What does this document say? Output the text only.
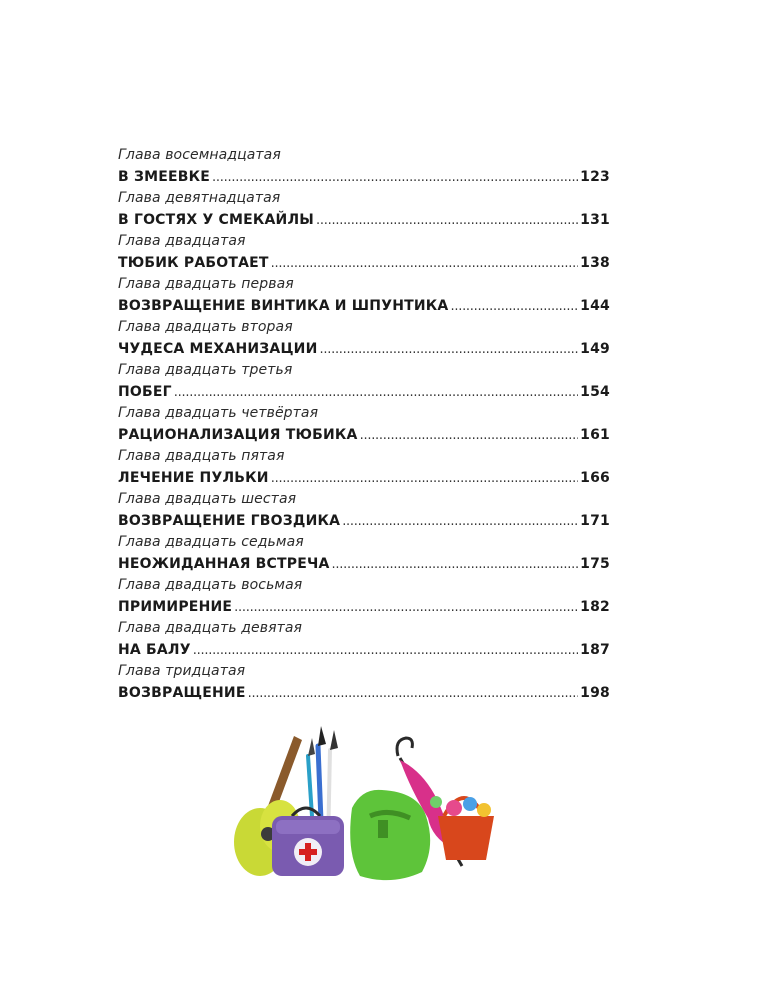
Глава восемнадцатая
В ЗМЕЕВКЕ . . .	123
Глава девятнадцатая
В ГОСТЯХ У СМЕКАЙЛЫ . . .	131
Глава двадцатая
ТЮБИК РАБОТАЕТ . . .	138
Глава двадцать первая
ВОЗВРАЩЕНИЕ ВИНТИКА И ШПУНТИКА . . .	144
Глава двадцать вторая
ЧУДЕСА МЕХАНИЗАЦИИ . . .	149
Глава двадцать третья
ПОБЕГ . . .	154
Глава двадцать четвёртая
РАЦИОНАЛИЗАЦИЯ ТЮБИКА . . .	161
Глава двадцать пятая
ЛЕЧЕНИЕ ПУЛЬКИ . . .	166
Глава двадцать шестая
ВОЗВРАЩЕНИЕ ГВОЗДИКА . . .	171
Глава двадцать седьмая
НЕОЖИДАННАЯ ВСТРЕЧА . . .	175
Глава двадцать восьмая
ПРИМИРЕНИЕ . . .	182
Глава двадцать девятая
НА БАЛУ . . .	187
Глава тридцатая
ВОЗВРАЩЕНИЕ . . .	198
